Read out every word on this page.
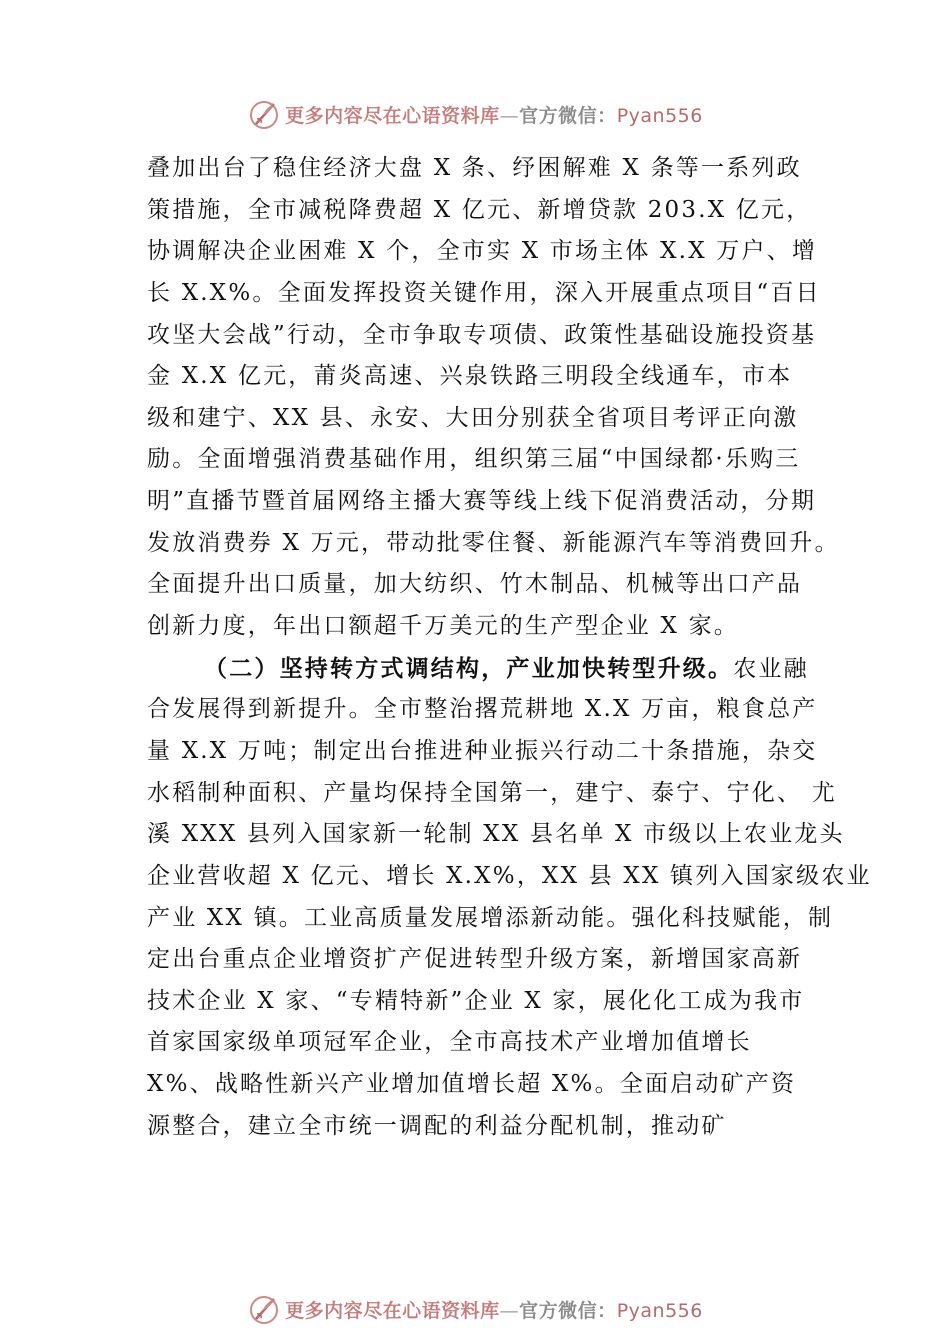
更多内容尽在心语资料库—官方微信：Pyan556
叠加出台了稳住经济大盘 X 条、纾困解难 X 条等一系列政
策措施，全市减税降费超 X 亿元、新增贷款 203.X 亿元，
协调解决企业困难 X 个，全市实 X 市场主体 X.X 万户、增
长 X.X%。全面发挥投资关键作用，深入开展重点项目“百日
攻坚大会战”行动，全市争取专项债、政策性基础设施投资基
金 X.X 亿元，莆炎高速、兴泉铁路三明段全线通车，市本
级和建宁、XX 县、永安、大田分别获全省项目考评正向激
励。全面增强消费基础作用，组织第三届“中国绿都·乐购三
明”直播节暨首届网络主播大赛等线上线下促消费活动，分期
发放消费券 X 万元，带动批零住餐、新能源汽车等消费回升。
全面提升出口质量，加大纺织、竹木制品、机械等出口产品
创新力度，年出口额超千万美元的生产型企业 X 家。
（二）坚持转方式调结构，产业加快转型升级。农业融
合发展得到新提升。全市整治撂荒耕地 X.X 万亩，粮食总产
量 X.X 万吨；制定出台推进种业振兴行动二十条措施，杂交
水稻制种面积、产量均保持全国第一，建宁、泰宁、宁化、 尤
溪 XXX 县列入国家新一轮制 XX 县名单 X 市级以上农业龙头
企业营收超 X 亿元、增长 X.X%，XX 县 XX 镇列入国家级农业
产业 XX 镇。工业高质量发展增添新动能。强化科技赋能，制
定出台重点企业增资扩产促进转型升级方案，新增国家高新
技术企业 X 家、“专精特新”企业 X 家，展化化工成为我市
首家国家级单项冠军企业，全市高技术产业增加值增长
X%、战略性新兴产业增加值增长超 X%。全面启动矿产资
源整合，建立全市统一调配的利益分配机制，推动矿
更多内容尽在心语资料库—官方微信：Pyan556
